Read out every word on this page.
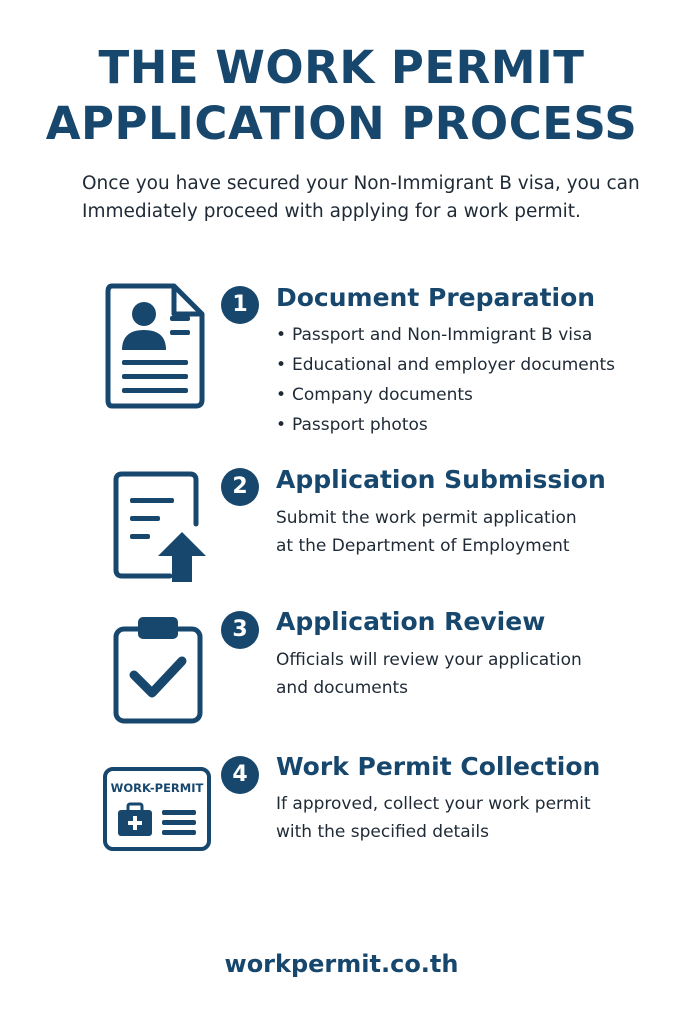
THE WORK PERMIT
APPLICATION PROCESS
Once you have secured your Non-Immigrant B visa, you can Immediately proceed with applying for a work permit.
1	Document Preparation
• Passport and Non-Immigrant B visa
• Educational and employer documents
• Company documents
• Passport photos
2	Application Submission
Submit the work permit application at the Department of Employment
3	Application Review
Officials will review your application and documents
WORK-PERMIT
4	Work Permit Collection
If approved, collect your work permit with the specified details
workpermit.co.th
